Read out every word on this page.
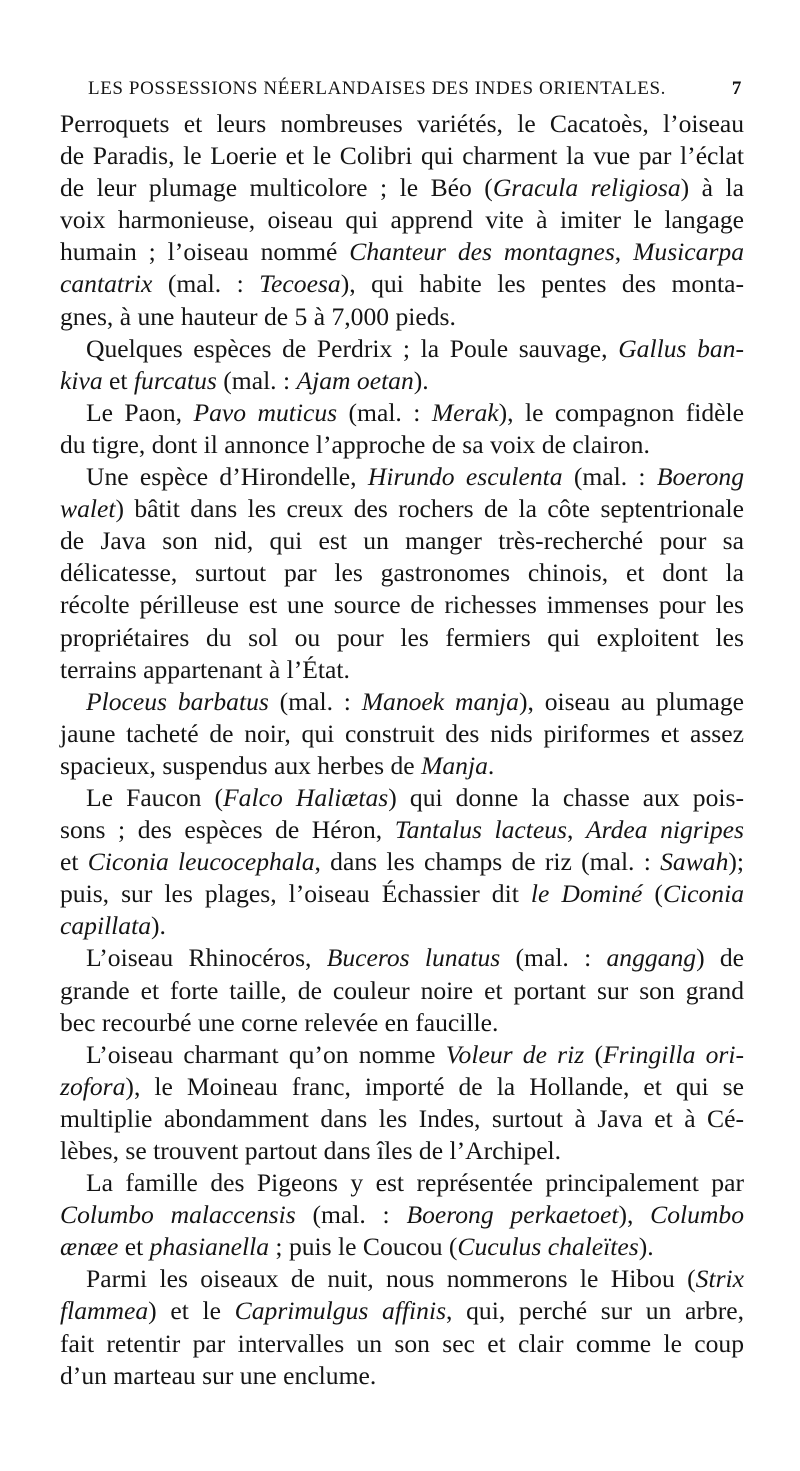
LES POSSESSIONS NÉERLANDAISES DES INDES ORIENTALES.	7
Perroquets et leurs nombreuses variétés, le Cacatoès, l’oiseau
de Paradis, le Loerie et le Colibri qui charment la vue par l’éclat
de leur plumage multicolore ; le Béo (Gracula religiosa) à la
voix harmonieuse, oiseau qui apprend vite à imiter le langage
humain ; l’oiseau nommé Chanteur des montagnes, Musicarpa
cantatrix (mal. : Tecoesa), qui habite les pentes des monta-
gnes, à une hauteur de 5 à 7,000 pieds.
Quelques espèces de Perdrix ; la Poule sauvage, Gallus ban-
kiva et furcatus (mal. : Ajam oetan).
Le Paon, Pavo muticus (mal. : Merak), le compagnon fidèle
du tigre, dont il annonce l’approche de sa voix de clairon.
Une espèce d’Hirondelle, Hirundo esculenta (mal. : Boerong
walet) bâtit dans les creux des rochers de la côte septentrionale
de Java son nid, qui est un manger très-recherché pour sa
délicatesse, surtout par les gastronomes chinois, et dont la
récolte périlleuse est une source de richesses immenses pour les
propriétaires du sol ou pour les fermiers qui exploitent les
terrains appartenant à l’État.
Ploceus barbatus (mal. : Manoek manja), oiseau au plumage
jaune tacheté de noir, qui construit des nids piriformes et assez
spacieux, suspendus aux herbes de Manja.
Le Faucon (Falco Haliætas) qui donne la chasse aux pois-
sons ; des espèces de Héron, Tantalus lacteus, Ardea nigripes
et Ciconia leucocephala, dans les champs de riz (mal. : Sawah);
puis, sur les plages, l’oiseau Échassier dit le Dominé (Ciconia
capillata).
L’oiseau Rhinocéros, Buceros lunatus (mal. : anggang) de
grande et forte taille, de couleur noire et portant sur son grand
bec recourbé une corne relevée en faucille.
L’oiseau charmant qu’on nomme Voleur de riz (Fringilla ori-
zofora), le Moineau franc, importé de la Hollande, et qui se
multiplie abondamment dans les Indes, surtout à Java et à Cé-
lèbes, se trouvent partout dans îles de l’Archipel.
La famille des Pigeons y est représentée principalement par
Columbo malaccensis (mal. : Boerong perkaetoet), Columbo
ænæe et phasianella ; puis le Coucou (Cuculus chaleïtes).
Parmi les oiseaux de nuit, nous nommerons le Hibou (Strix
flammea) et le Caprimulgus affinis, qui, perché sur un arbre,
fait retentir par intervalles un son sec et clair comme le coup
d’un marteau sur une enclume.
